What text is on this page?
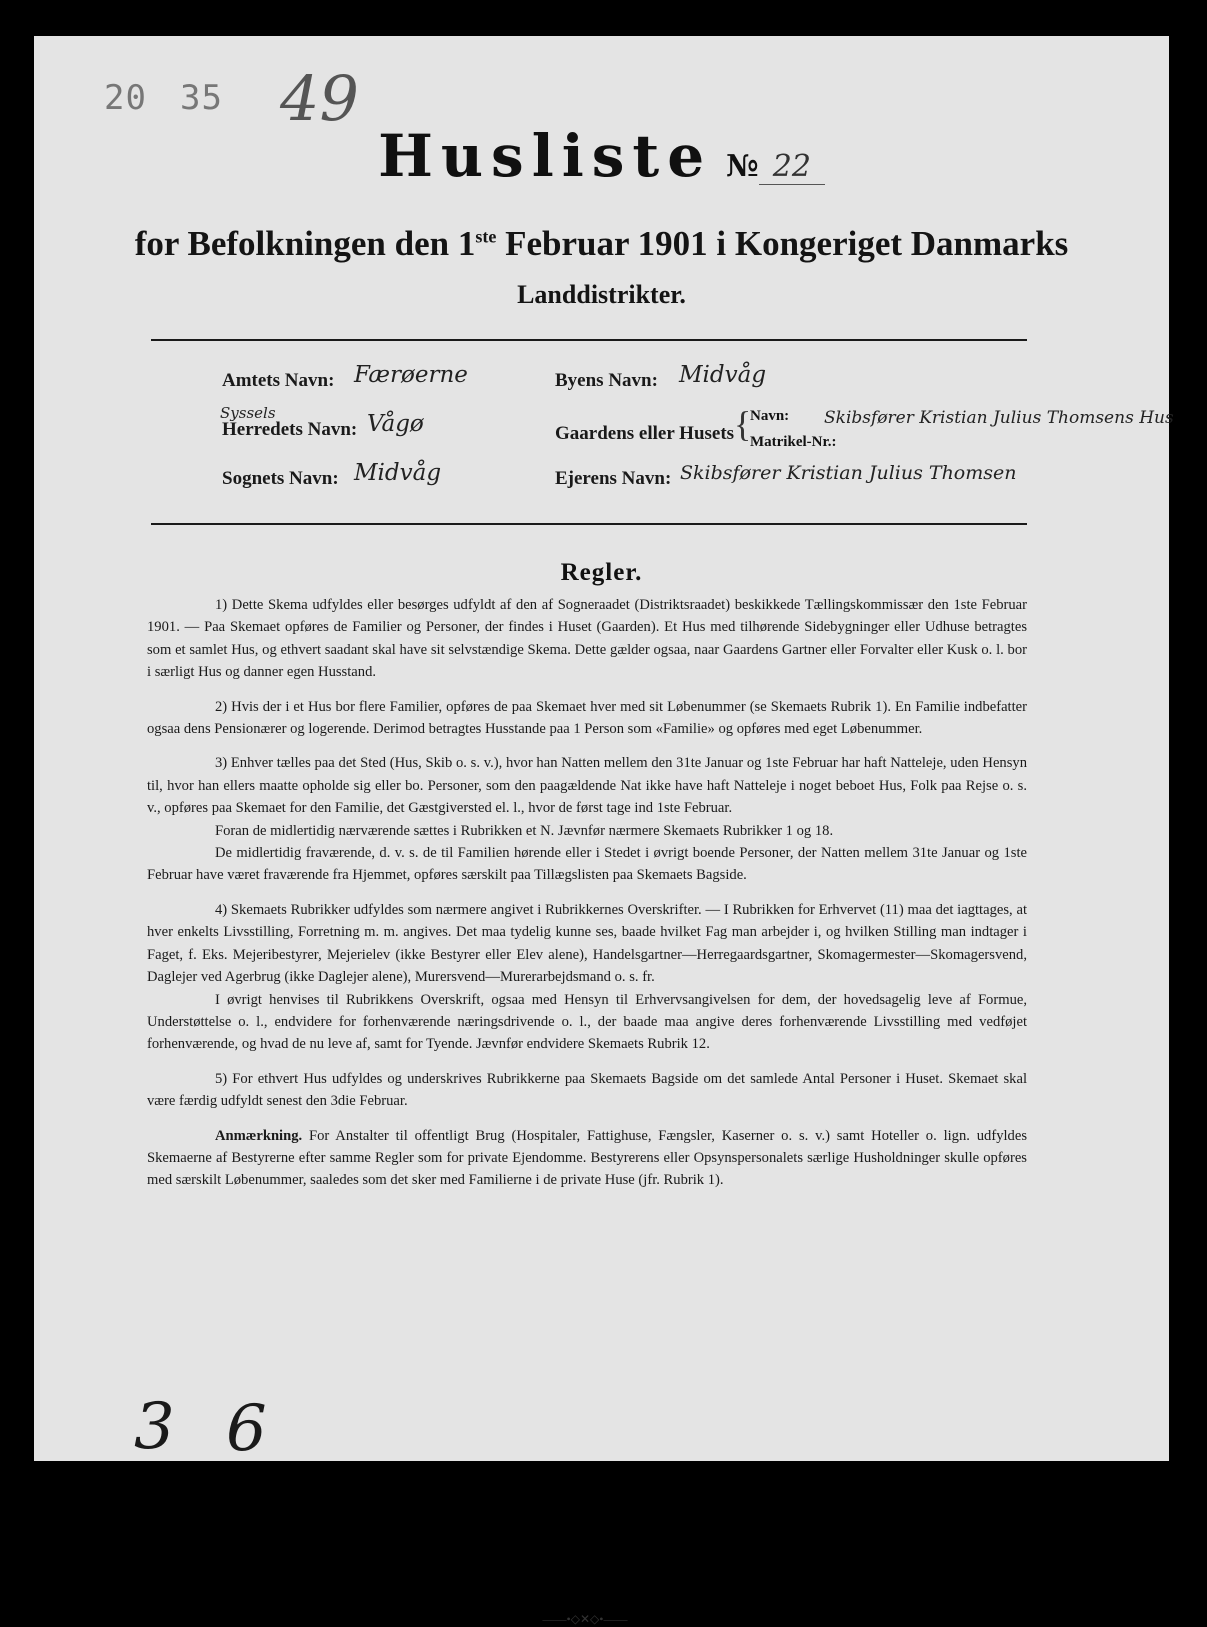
20 35 49
Husliste № 22
for Befolkningen den 1ste Februar 1901 i Kongeriget Danmarks
Landdistrikter.
Amtets Navn: Færøerne
Syssels
Herredets Navn: Vågø
Sognets Navn: Midvåg
Byens Navn: Midvåg
Gaardens eller Husets {
Navn:
Matrikel-Nr.:
Skibsfører Kristian Julius Thomsens Hus
Ejerens Navn: Skibsfører Kristian Julius Thomsen
Regler.

1) Dette Skema udfyldes eller besørges udfyldt af den af Sogneraadet (Distriktsraadet) beskikkede Tællingskommissær den 1ste Februar 1901. — Paa Skemaet opføres de Familier og Personer, der findes i Huset (Gaarden). Et Hus med tilhørende Sidebygninger eller Udhuse betragtes som et samlet Hus, og ethvert saadant skal have sit selvstændige Skema. Dette gælder ogsaa, naar Gaardens Gartner eller Forvalter eller Kusk o. l. bor i særligt Hus og danner egen Husstand.

2) Hvis der i et Hus bor flere Familier, opføres de paa Skemaet hver med sit Løbenummer (se Skemaets Rubrik 1). En Familie indbefatter ogsaa dens Pensionærer og logerende. Derimod betragtes Husstande paa 1 Person som «Familie» og opføres med eget Løbenummer.

3) Enhver tælles paa det Sted (Hus, Skib o. s. v.), hvor han Natten mellem den 31te Januar og 1ste Februar har haft Natteleje, uden Hensyn til, hvor han ellers maatte opholde sig eller bo. Personer, som den paagældende Nat ikke have haft Natteleje i noget beboet Hus, Folk paa Rejse o. s. v., opføres paa Skemaet for den Familie, det Gæstgiversted el. l., hvor de først tage ind 1ste Februar.

Foran de midlertidig nærværende sættes i Rubrikken et N. Jævnfør nærmere Skemaets Rubrikker 1 og 18.

De midlertidig fraværende, d. v. s. de til Familien hørende eller i Stedet i øvrigt boende Personer, der Natten mellem 31te Januar og 1ste Februar have været fraværende fra Hjemmet, opføres særskilt paa Tillægslisten paa Skemaets Bagside.

4) Skemaets Rubrikker udfyldes som nærmere angivet i Rubrikkernes Overskrifter. — I Rubrikken for Erhvervet (11) maa det iagttages, at hver enkelts Livsstilling, Forretning m. m. angives. Det maa tydelig kunne ses, baade hvilket Fag man arbejder i, og hvilken Stilling man indtager i Faget, f. Eks. Mejeribestyrer, Mejerielev (ikke Bestyrer eller Elev alene), Handelsgartner—Herregaardsgartner, Skomagermester—Skomagersvend, Daglejer ved Agerbrug (ikke Daglejer alene), Murersvend—Murerarbejdsmand o. s. fr.

I øvrigt henvises til Rubrikkens Overskrift, ogsaa med Hensyn til Erhvervsangivelsen for dem, der hovedsagelig leve af Formue, Understøttelse o. l., endvidere for forhenværende næringsdrivende o. l., der baade maa angive deres forhenværende Livsstilling med vedføjet forhenværende, og hvad de nu leve af, samt for Tyende. Jævnfør endvidere Skemaets Rubrik 12.

5) For ethvert Hus udfyldes og underskrives Rubrikkerne paa Skemaets Bagside om det samlede Antal Personer i Huset. Skemaet skal være færdig udfyldt senest den 3die Februar.

Anmærkning. For Anstalter til offentligt Brug (Hospitaler, Fattighuse, Fængsler, Kaserner o. s. v.) samt Hoteller o. lign. udfyldes Skemaerne af Bestyrerne efter samme Regler som for private Ejendomme. Bestyrerens eller Opsynspersonalets særlige Husholdninger skulle opføres med særskilt Løbenummer, saaledes som det sker med Familierne i de private Huse (jfr. Rubrik 1).

——•◇✕◇•——
3 6
